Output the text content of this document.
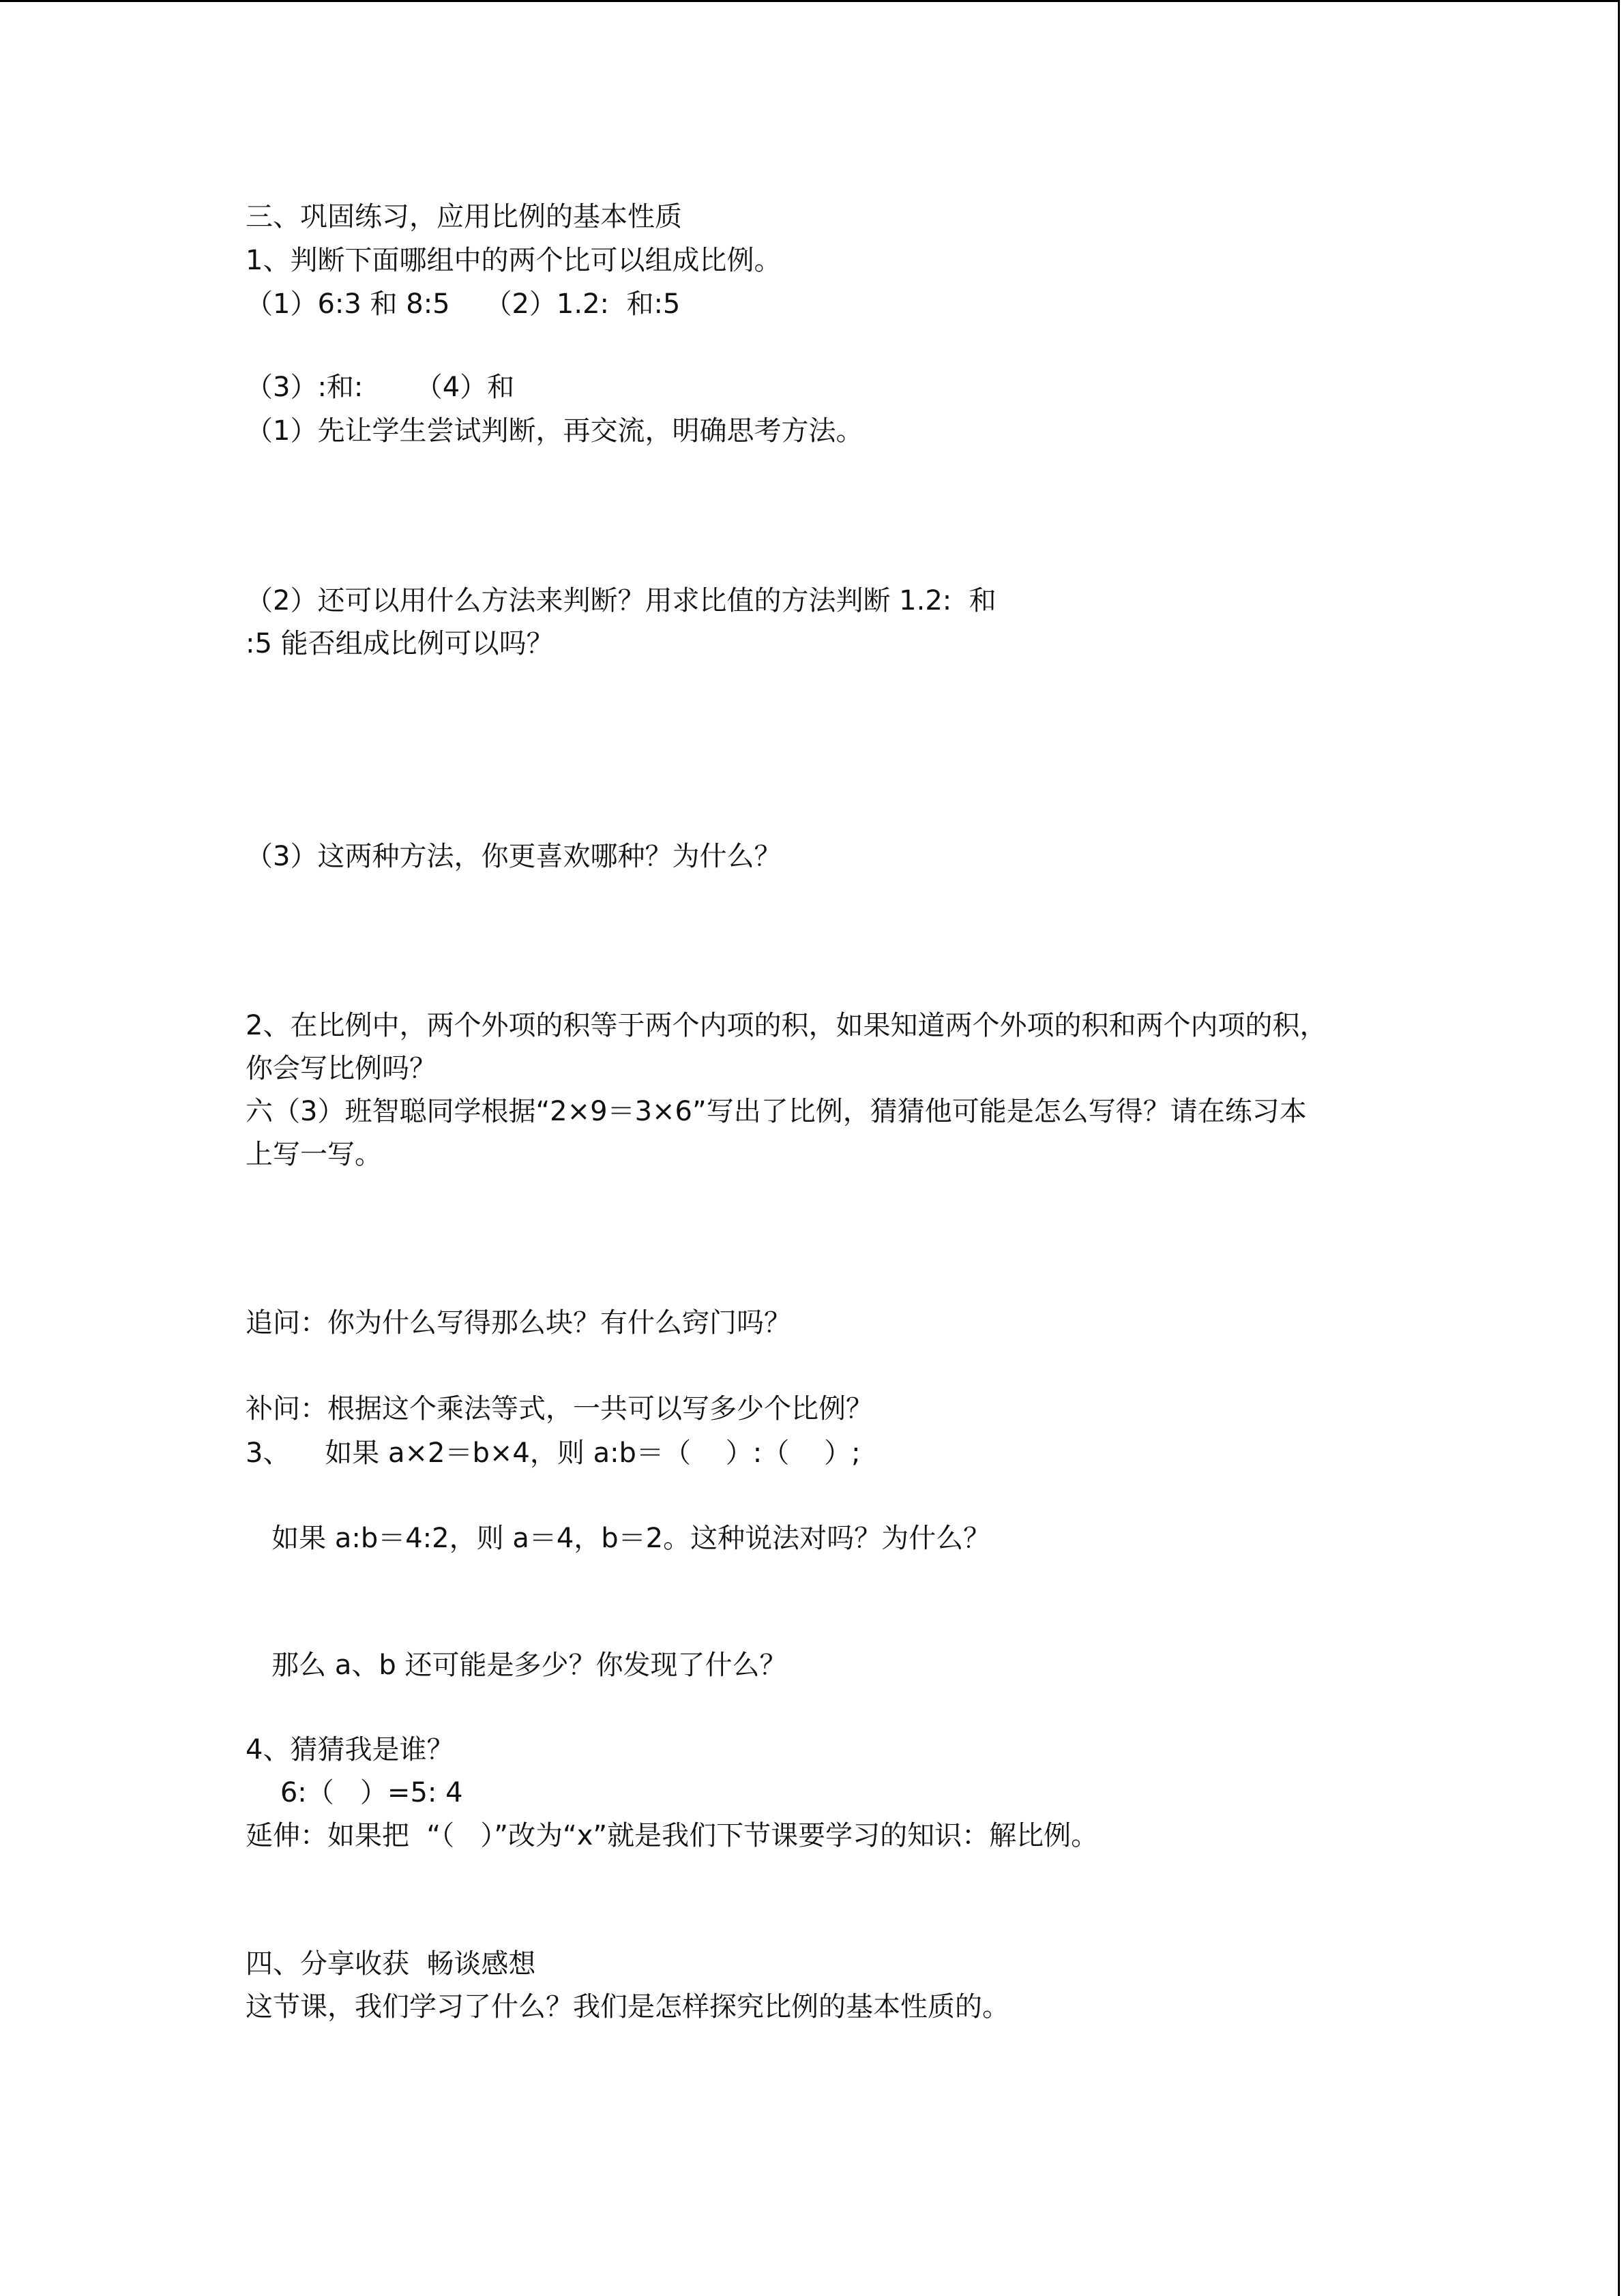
三、巩固练习，应用比例的基本性质
1、判断下面哪组中的两个比可以组成比例。
（1）6:3 和 8:5    （2）1.2:  和:5
（3）:和:      （4）和
（1）先让学生尝试判断，再交流，明确思考方法。
（2）还可以用什么方法来判断？用求比值的方法判断 1.2:  和
:5 能否组成比例可以吗？
（3）这两种方法，你更喜欢哪种？为什么？
2、在比例中，两个外项的积等于两个内项的积，如果知道两个外项的积和两个内项的积，
你会写比例吗？
六（3）班智聪同学根据“2×9＝3×6”写出了比例，猜猜他可能是怎么写得？请在练习本
上写一写。
追问：你为什么写得那么块？有什么窍门吗？
补问：根据这个乘法等式，一共可以写多少个比例？
3、    如果 a×2＝b×4，则 a:b＝（    ）:（    ）;
如果 a:b＝4:2，则 a＝4，b＝2。这种说法对吗？为什么？
那么 a、b 还可能是多少？你发现了什么？
4、猜猜我是谁？
6:（   ）=5: 4
延伸：如果把  “（   ）”改为“x”就是我们下节课要学习的知识：解比例。
四、分享收获  畅谈感想
这节课，我们学习了什么？我们是怎样探究比例的基本性质的。
